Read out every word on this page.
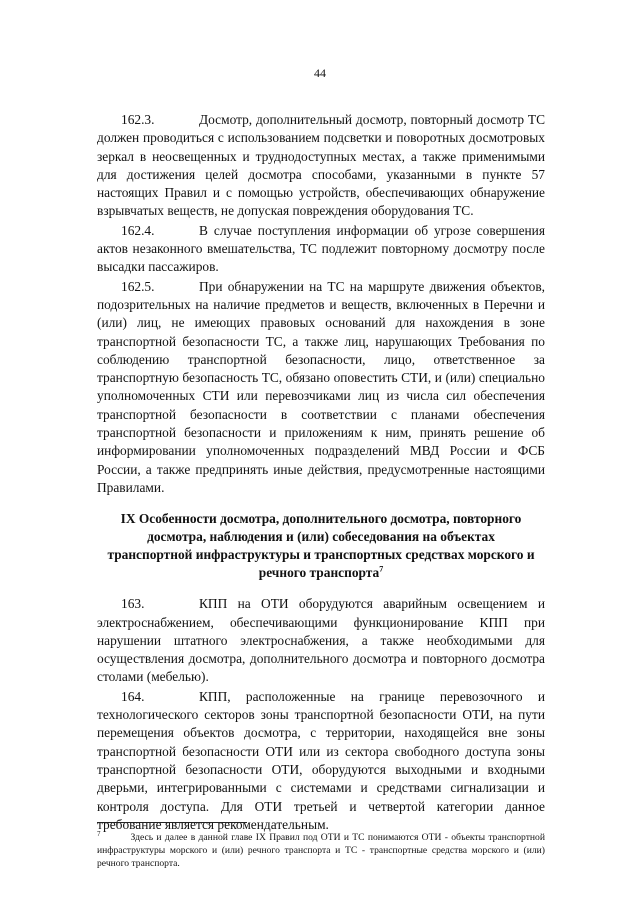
44

162.3.	Досмотр, дополнительный досмотр, повторный досмотр ТС должен проводиться с использованием подсветки и поворотных досмотровых зеркал в неосвещенных и труднодоступных местах, а также применимыми для достижения целей досмотра способами, указанными в пункте 57 настоящих Правил и с помощью устройств, обеспечивающих обнаружение взрывчатых веществ, не допуская повреждения оборудования ТС.

162.4.	В случае поступления информации об угрозе совершения актов незаконного вмешательства, ТС подлежит повторному досмотру после высадки пассажиров.

162.5.	При обнаружении на ТС на маршруте движения объектов, подозрительных на наличие предметов и веществ, включенных в Перечни и (или) лиц, не имеющих правовых оснований для нахождения в зоне транспортной безопасности ТС, а также лиц, нарушающих Требования по соблюдению транспортной безопасности, лицо, ответственное за транспортную безопасность ТС, обязано оповестить СТИ, и (или) специально уполномоченных СТИ или перевозчиками лиц из числа сил обеспечения транспортной безопасности в соответствии с планами обеспечения транспортной безопасности и приложениям к ним, принять решение об информировании уполномоченных подразделений МВД России и ФСБ России, а также предпринять иные действия, предусмотренные настоящими Правилами.

IX Особенности досмотра, дополнительного досмотра, повторного досмотра, наблюдения и (или) собеседования на объектах транспортной инфраструктуры и транспортных средствах морского и речного транспорта$^7$

163.	КПП на ОТИ оборудуются аварийным освещением и электроснабжением, обеспечивающими функционирование КПП при нарушении штатного электроснабжения, а также необходимыми для осуществления досмотра, дополнительного досмотра и повторного досмотра столами (мебелью).

164.	КПП, расположенные на границе перевозочного и технологического секторов зоны транспортной безопасности ОТИ, на пути перемещения объектов досмотра, с территории, находящейся вне зоны транспортной безопасности ОТИ или из сектора свободного доступа зоны транспортной безопасности ОТИ, оборудуются выходными и входными дверьми, интегрированными с системами и средствами сигнализации и контроля доступа. Для ОТИ третьей и четвертой категории данное требование является рекомендательным.

$^7$	Здесь и далее в данной главе IX Правил под ОТИ и ТС понимаются ОТИ - объекты транспортной инфраструктуры морского и (или) речного транспорта и ТС - транспортные средства морского и (или) речного транспорта.
